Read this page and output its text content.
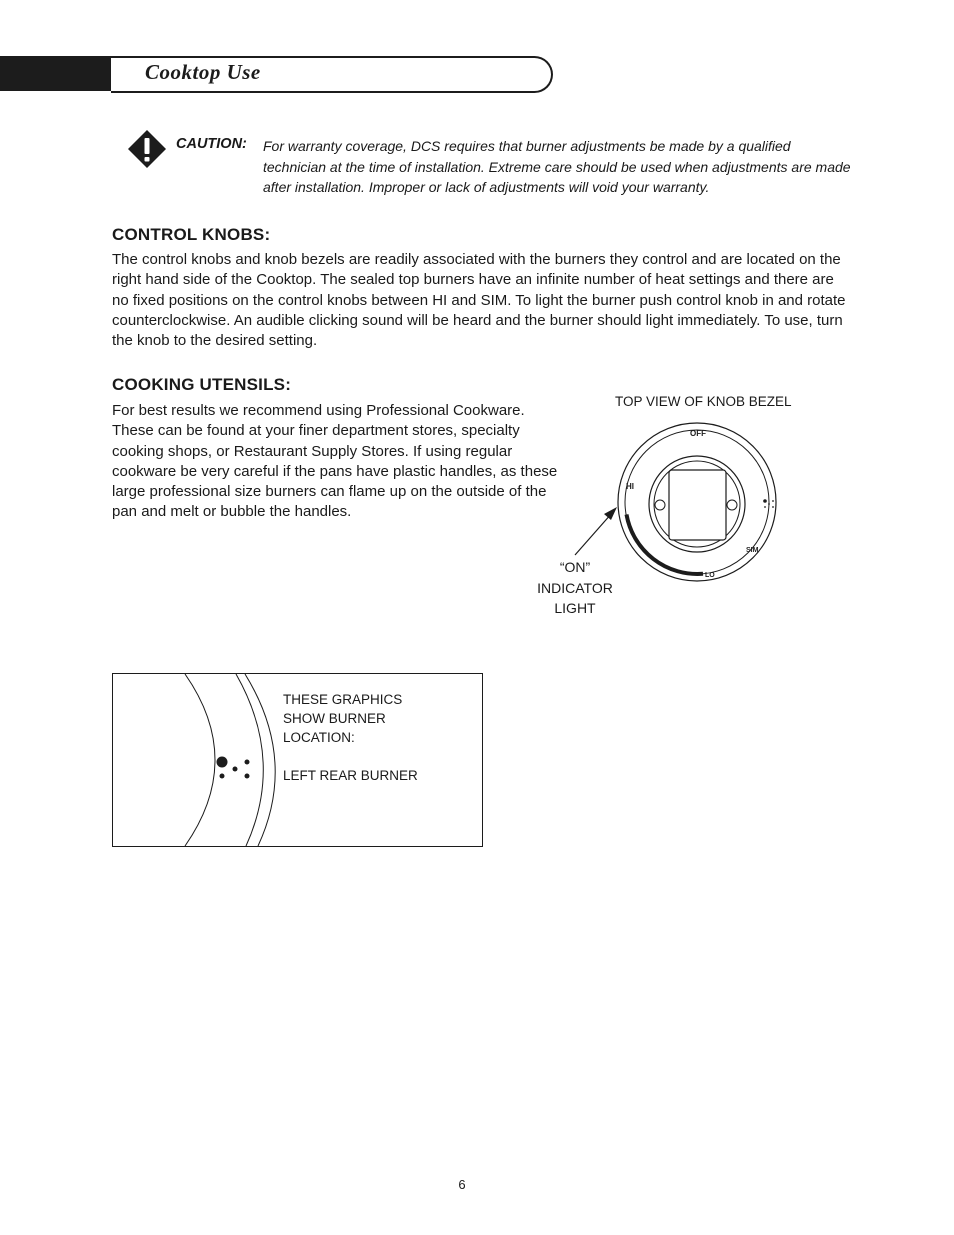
Cooktop Use
CAUTION: For warranty coverage, DCS requires that burner adjustments be made by a qualified technician at the time of installation. Extreme care should be used when adjustments are made after installation. Improper or lack of adjustments will void your warranty.

CONTROL KNOBS:

The control knobs and knob bezels are readily associated with the burners they control and are located on the right hand side of the Cooktop. The sealed top burners have an infinite number of heat settings and there are no fixed positions on the control knobs between HI and SIM. To light the burner push control knob in and rotate counterclockwise. An audible clicking sound will be heard and the burner should light immediately. To use, turn the knob to the desired setting.

COOKING UTENSILS:

For best results we recommend using Professional Cookware. These can be found at your finer department stores, specialty cooking shops, or Restaurant Supply Stores. If using regular cookware be very careful if the pans have plastic handles, as these large professional size burners can flame up on the outside of the pan and melt or bubble the handles.

TOP VIEW OF KNOB BEZEL

OFF
HI
SIM
LO

“ON”
INDICATOR
LIGHT

THESE GRAPHICS
SHOW BURNER
LOCATION:

LEFT REAR BURNER

6
